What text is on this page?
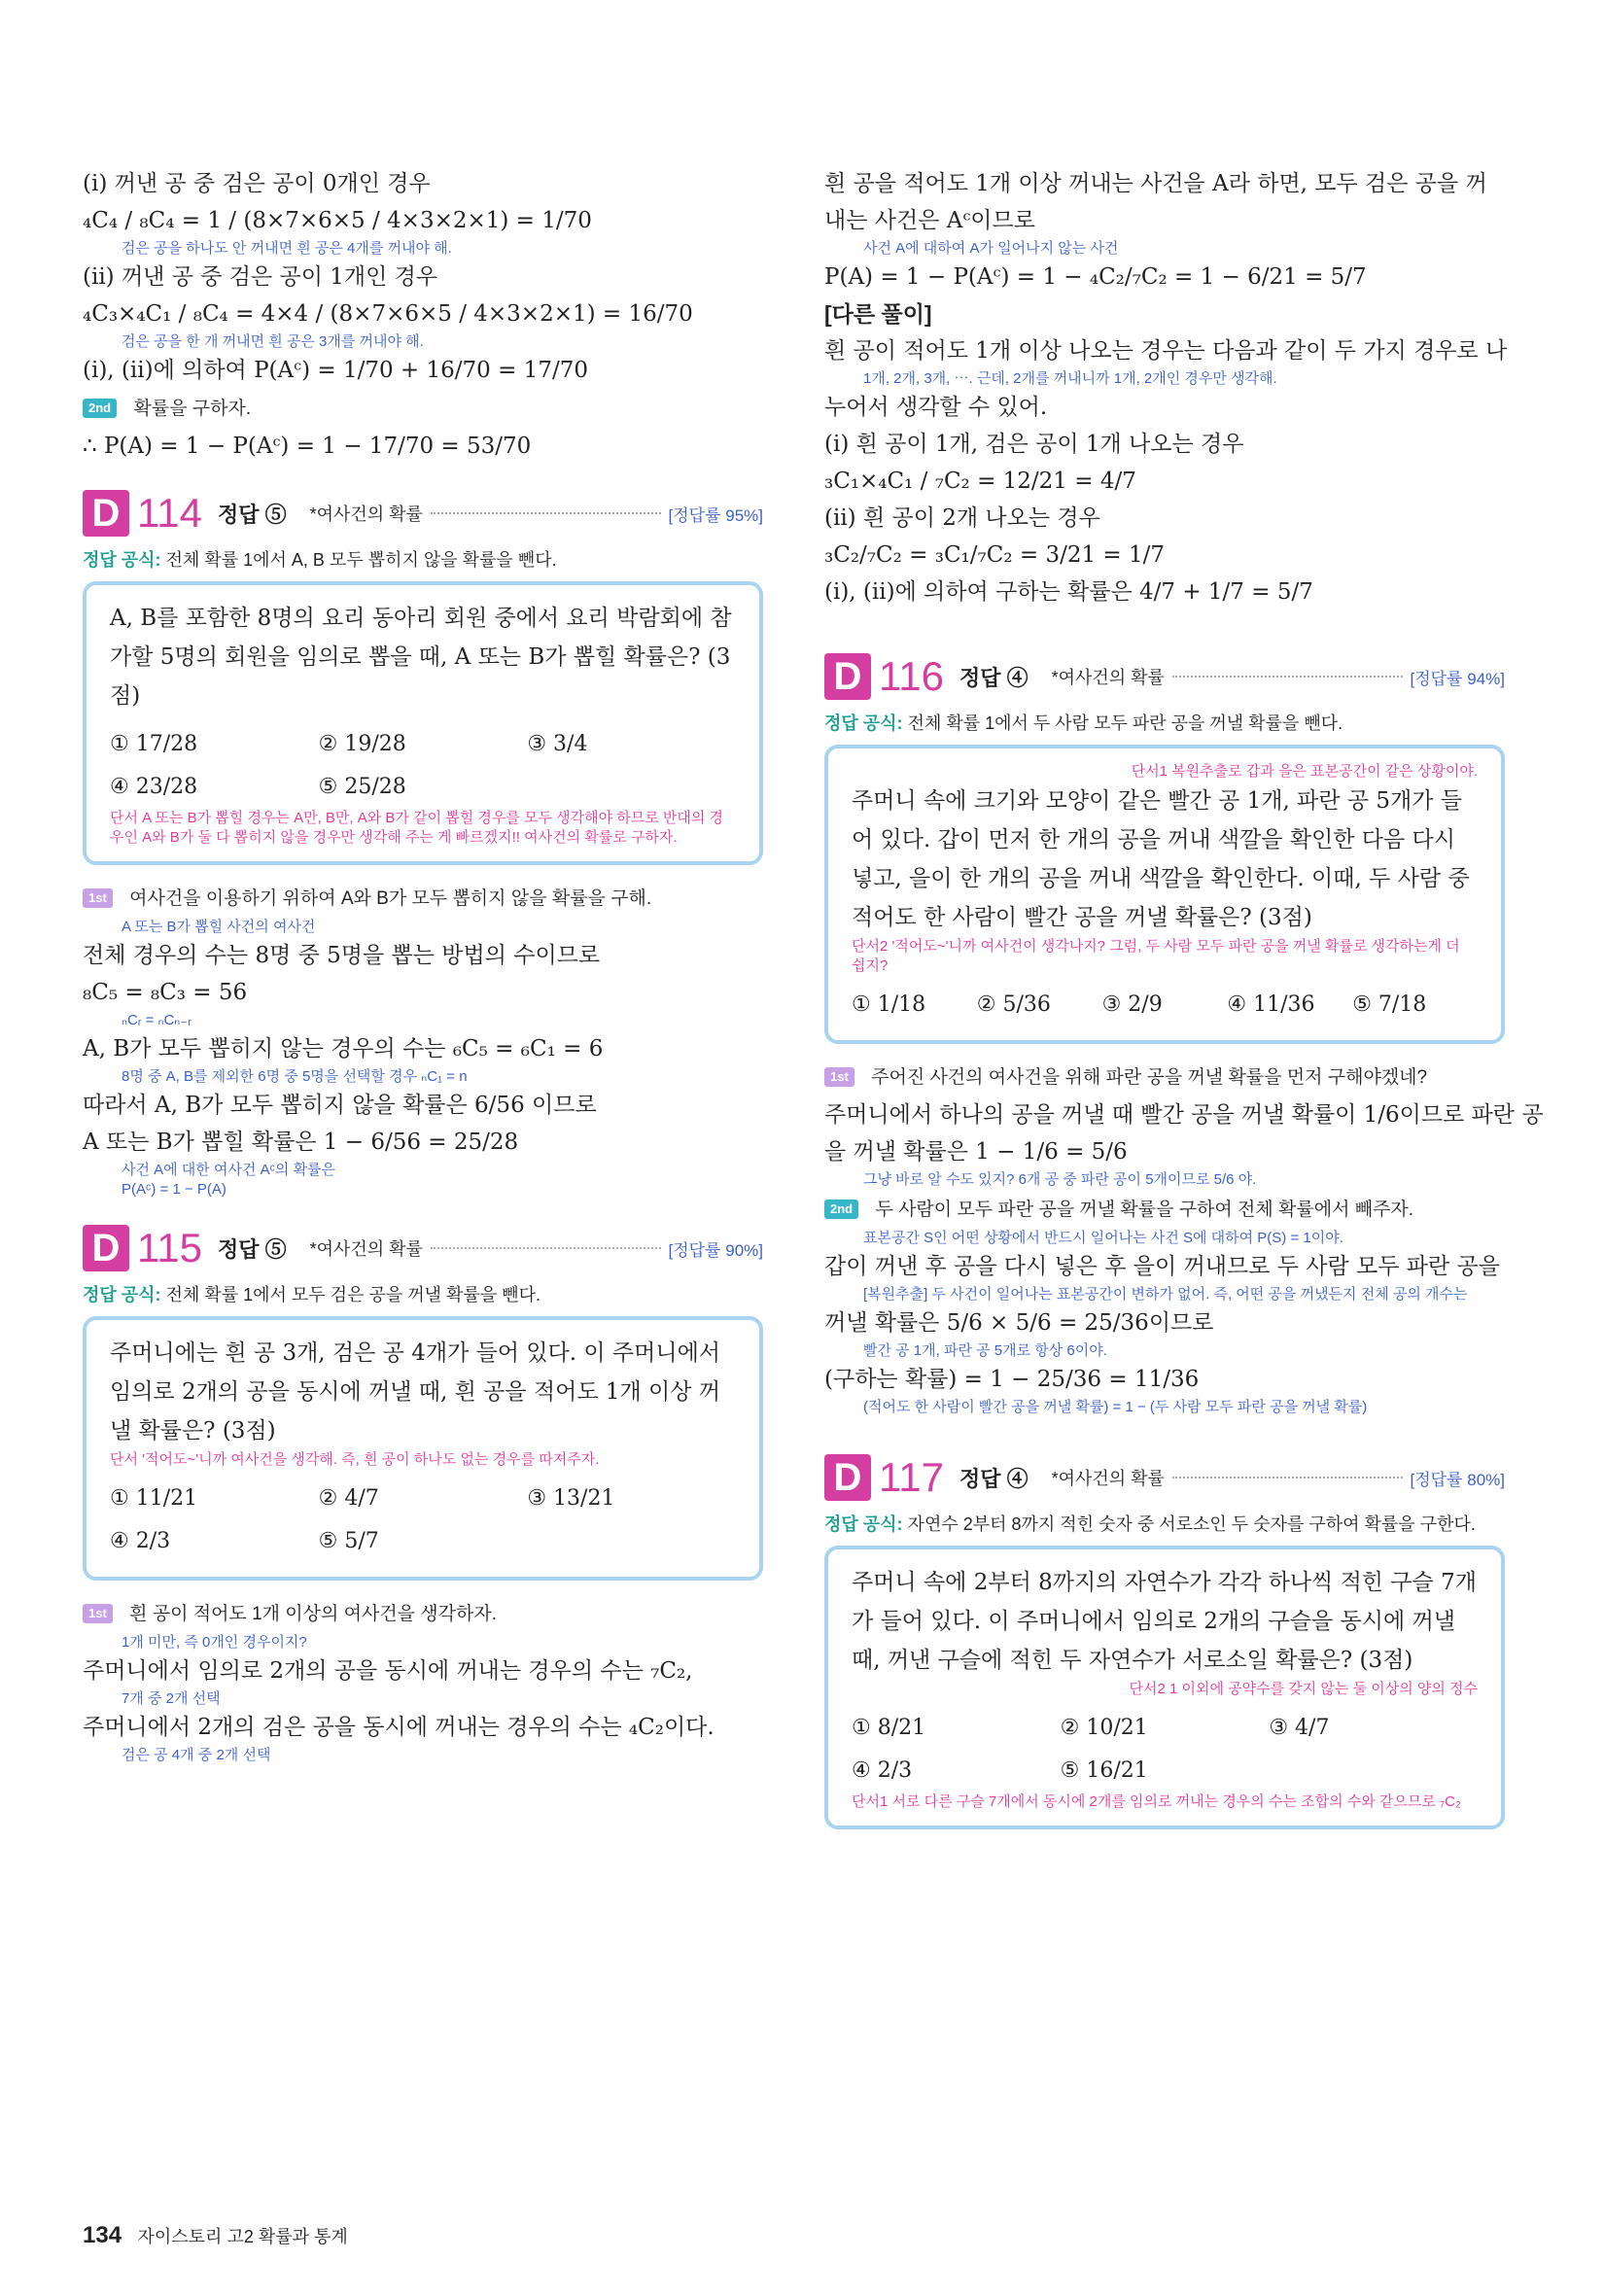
(i) 꺼낸 공 중 검은 공이 0개인 경우
₄C₄ / ₈C₄ = 1 / (8×7×6×5 / 4×3×2×1) = 1/70
검은 공을 하나도 안 꺼내면 흰 공은 4개를 꺼내야 해.
(ii) 꺼낸 공 중 검은 공이 1개인 경우
₄C₃×₄C₁ / ₈C₄ = 4×4 / (8×7×6×5 / 4×3×2×1) = 16/70
검은 공을 한 개 꺼내면 흰 공은 3개를 꺼내야 해.
(i), (ii)에 의하여 P(Aᶜ) = 1/70 + 16/70 = 17/70
2nd 확률을 구하자.
∴ P(A) = 1 − P(Aᶜ) = 1 − 17/70 = 53/70
D 114 정답 ⑤ *여사건의 확률	[정답률 95%]
정답 공식: 전체 확률 1에서 A, B 모두 뽑히지 않을 확률을 뺀다.
A, B를 포함한 8명의 요리 동아리 회원 중에서 요리 박람회에 참가할 5명의 회원을 임의로 뽑을 때, A 또는 B가 뽑힐 확률은? (3점)
① 17/28	② 19/28	③ 3/4
④ 23/28	⑤ 25/28
단서 A 또는 B가 뽑힐 경우는 A만, B만, A와 B가 같이 뽑힐 경우를 모두 생각해야 하므로 반대의 경우인 A와 B가 둘 다 뽑히지 않을 경우만 생각해 주는 게 빠르겠지!! 여사건의 확률로 구하자.
1st 여사건을 이용하기 위하여 A와 B가 모두 뽑히지 않을 확률을 구해.
A 또는 B가 뽑힐 사건의 여사건
전체 경우의 수는 8명 중 5명을 뽑는 방법의 수이므로
₈C₅ = ₈C₃ = 56
ₙCᵣ = ₙCₙ₋ᵣ
A, B가 모두 뽑히지 않는 경우의 수는 ₆C₅ = ₆C₁ = 6
8명 중 A, B를 제외한 6명 중 5명을 선택할 경우 ₙC₁ = n
따라서 A, B가 모두 뽑히지 않을 확률은 6/56 이므로
A 또는 B가 뽑힐 확률은 1 − 6/56 = 25/28
사건 A에 대한 여사건 Aᶜ의 확률은
P(Aᶜ) = 1 − P(A)
D 115 정답 ⑤ *여사건의 확률	[정답률 90%]
정답 공식: 전체 확률 1에서 모두 검은 공을 꺼낼 확률을 뺀다.
주머니에는 흰 공 3개, 검은 공 4개가 들어 있다. 이 주머니에서 임의로 2개의 공을 동시에 꺼낼 때, 흰 공을 적어도 1개 이상 꺼낼 확률은? (3점)
단서 '적어도~'니까 여사건을 생각해. 즉, 흰 공이 하나도 없는 경우를 따져주자.
① 11/21	② 4/7	③ 13/21
④ 2/3	⑤ 5/7
1st 흰 공이 적어도 1개 이상의 여사건을 생각하자.
1개 미만, 즉 0개인 경우이지?
주머니에서 임의로 2개의 공을 동시에 꺼내는 경우의 수는 ₇C₂,
7개 중 2개 선택
주머니에서 2개의 검은 공을 동시에 꺼내는 경우의 수는 ₄C₂이다.
검은 공 4개 중 2개 선택
흰 공을 적어도 1개 이상 꺼내는 사건을 A라 하면, 모두 검은 공을 꺼내는 사건은 Aᶜ이므로
사건 A에 대하여 A가 일어나지 않는 사건
P(A) = 1 − P(Aᶜ) = 1 − ₄C₂/₇C₂ = 1 − 6/21 = 5/7
[다른 풀이]
흰 공이 적어도 1개 이상 나오는 경우는 다음과 같이 두 가지 경우로 나
1개, 2개, 3개, ⋯. 근데, 2개를 꺼내니까 1개, 2개인 경우만 생각해.
누어서 생각할 수 있어.
(i) 흰 공이 1개, 검은 공이 1개 나오는 경우
₃C₁×₄C₁ / ₇C₂ = 12/21 = 4/7
(ii) 흰 공이 2개 나오는 경우
₃C₂/₇C₂ = ₃C₁/₇C₂ = 3/21 = 1/7
(i), (ii)에 의하여 구하는 확률은 4/7 + 1/7 = 5/7
D 116 정답 ④ *여사건의 확률	[정답률 94%]
정답 공식: 전체 확률 1에서 두 사람 모두 파란 공을 꺼낼 확률을 뺀다.
단서1 복원추출로 갑과 을은 표본공간이 같은 상황이야.
주머니 속에 크기와 모양이 같은 빨간 공 1개, 파란 공 5개가 들어 있다. 갑이 먼저 한 개의 공을 꺼내 색깔을 확인한 다음 다시 넣고, 을이 한 개의 공을 꺼내 색깔을 확인한다. 이때, 두 사람 중 적어도 한 사람이 빨간 공을 꺼낼 확률은? (3점)
단서2 '적어도~'니까 여사건이 생각나지? 그럼, 두 사람 모두 파란 공을 꺼낼 확률로 생각하는게 더 쉽지?
① 1/18	② 5/36	③ 2/9	④ 11/36	⑤ 7/18
1st 주어진 사건의 여사건을 위해 파란 공을 꺼낼 확률을 먼저 구해야겠네?
주머니에서 하나의 공을 꺼낼 때 빨간 공을 꺼낼 확률이 1/6이므로 파란 공
을 꺼낼 확률은 1 − 1/6 = 5/6
그냥 바로 알 수도 있지? 6개 공 중 파란 공이 5개이므로 5/6 야.
2nd 두 사람이 모두 파란 공을 꺼낼 확률을 구하여 전체 확률에서 빼주자.
표본공간 S인 어떤 상황에서 반드시 일어나는 사건 S에 대하여 P(S) = 1이야.
갑이 꺼낸 후 공을 다시 넣은 후 을이 꺼내므로 두 사람 모두 파란 공을
[복원추출] 두 사건이 일어나는 표본공간이 변하가 없어. 즉, 어떤 공을 꺼냈든지 전체 공의 개수는
꺼낼 확률은 5/6 × 5/6 = 25/36이므로
빨간 공 1개, 파란 공 5개로 항상 6이야.
(구하는 확률) = 1 − 25/36 = 11/36
(적어도 한 사람이 빨간 공을 꺼낼 확률) = 1 − (두 사람 모두 파란 공을 꺼낼 확률)
D 117 정답 ④ *여사건의 확률	[정답률 80%]
정답 공식: 자연수 2부터 8까지 적힌 숫자 중 서로소인 두 숫자를 구하여 확률을 구한다.
주머니 속에 2부터 8까지의 자연수가 각각 하나씩 적힌 구슬 7개가 들어 있다. 이 주머니에서 임의로 2개의 구슬을 동시에 꺼낼 때, 꺼낸 구슬에 적힌 두 자연수가 서로소일 확률은? (3점)
단서2 1 이외에 공약수를 갖지 않는 둘 이상의 양의 정수
① 8/21	② 10/21	③ 4/7
④ 2/3	⑤ 16/21
단서1 서로 다른 구슬 7개에서 동시에 2개를 임의로 꺼내는 경우의 수는 조합의 수와 같으므로 ₇C₂
134 자이스토리 고2 확률과 통계
